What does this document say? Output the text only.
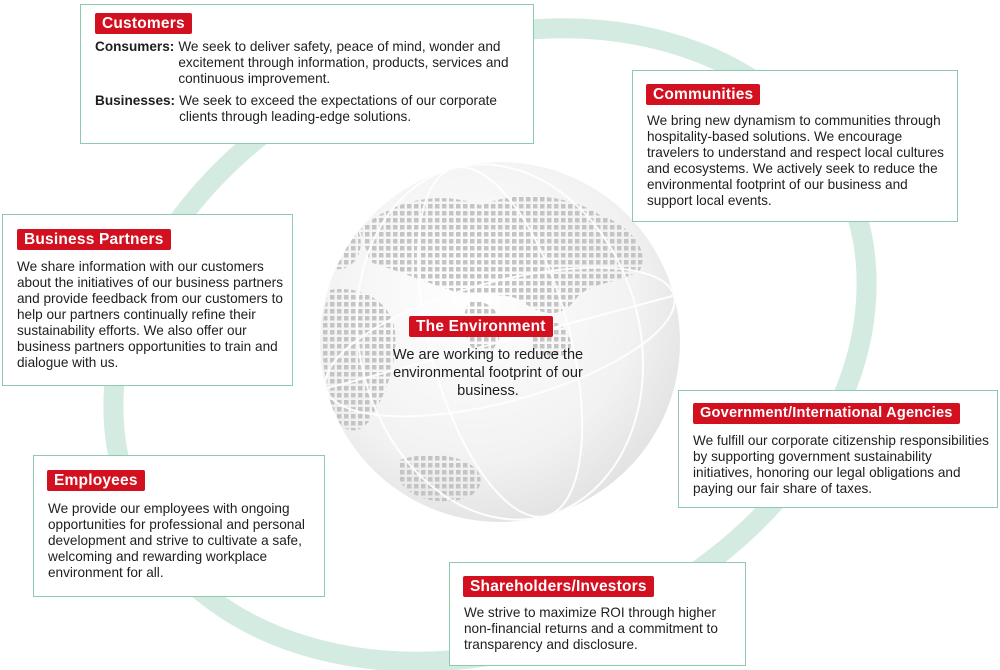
Customers
Consumers: We seek to deliver safety, peace of mind, wonder and excitement through information, products, services and continuous improvement.
Businesses: We seek to exceed the expectations of our corporate clients through leading-edge solutions.
Communities
We bring new dynamism to communities through hospitality-based solutions. We encourage travelers to understand and respect local cultures and ecosystems. We actively seek to reduce the environmental footprint of our business and support local events.
Business Partners
We share information with our customers about the initiatives of our business partners and provide feedback from our customers to help our partners continually refine their sustainability efforts. We also offer our business partners opportunities to train and dialogue with us.
The Environment
We are working to reduce the environmental footprint of our business.
Government/International Agencies
We fulfill our corporate citizenship responsibilities by supporting government sustainability initiatives, honoring our legal obligations and paying our fair share of taxes.
Employees
We provide our employees with ongoing opportunities for professional and personal development and strive to cultivate a safe, welcoming and rewarding workplace environment for all.
Shareholders/Investors
We strive to maximize ROI through higher non-financial returns and a commitment to transparency and disclosure.
